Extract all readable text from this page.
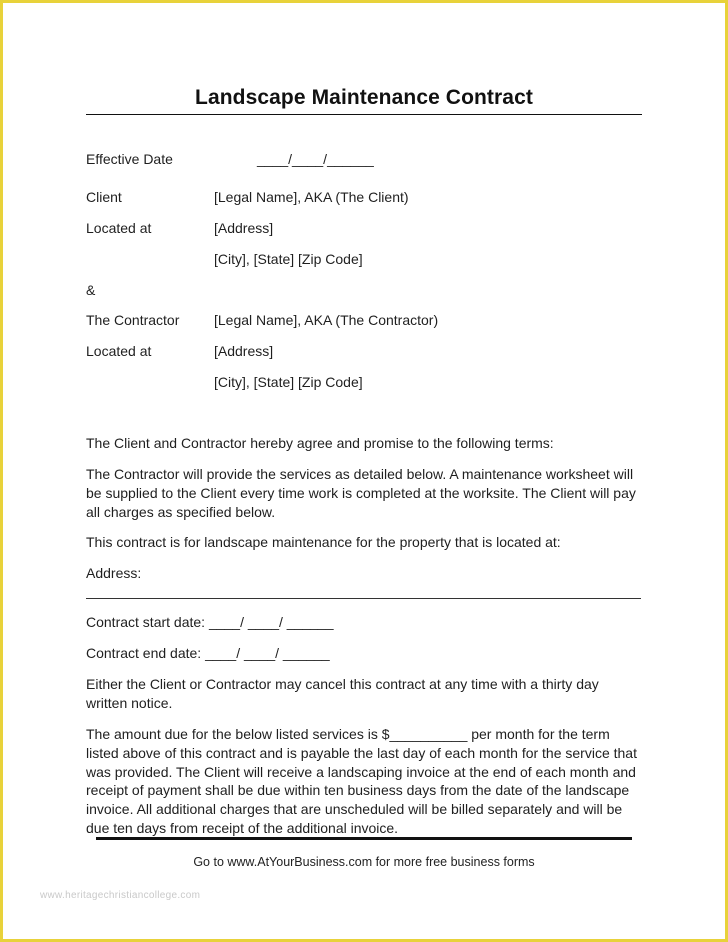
Landscape Maintenance Contract
Effective Date	____/____/______
Client	[Legal Name], AKA (The Client)
Located at	[Address]
[City], [State] [Zip Code]
&
The Contractor [Legal Name], AKA (The Contractor)
Located at	[Address]
[City], [State] [Zip Code]
The Client and Contractor hereby agree and promise to the following terms:
The Contractor will provide the services as detailed below. A maintenance worksheet will be supplied to the Client every time work is completed at the worksite. The Client will pay all charges as specified below.
This contract is for landscape maintenance for the property that is located at:
Address:
Contract start date: ____/ ____/ ______
Contract end date: ____/ ____/ ______
Either the Client or Contractor may cancel this contract at any time with a thirty day written notice.
The amount due for the below listed services is $__________ per month for the term listed above of this contract and is payable the last day of each month for the service that was provided. The Client will receive a landscaping invoice at the end of each month and receipt of payment shall be due within ten business days from the date of the landscape invoice. All additional charges that are unscheduled will be billed separately and will be due ten days from receipt of the additional invoice.
Go to www.AtYourBusiness.com for more free business forms
www.heritagechristiancollege.com
